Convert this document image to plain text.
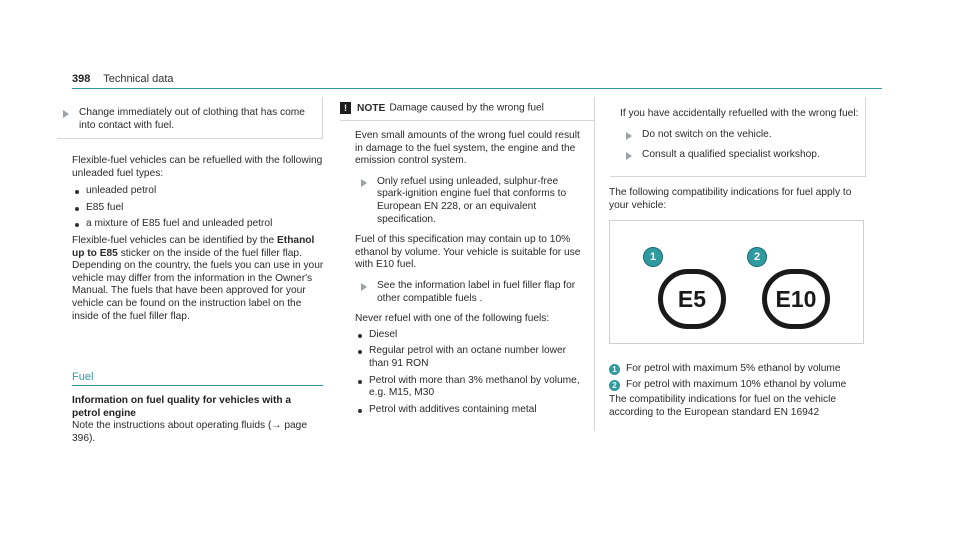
398 Technical data

Change immediately out of clothing that has come into contact with fuel.

Flexible-fuel vehicles can be refuelled with the following unleaded fuel types:

unleaded petrol

E85 fuel

a mixture of E85 fuel and unleaded petrol

Flexible-fuel vehicles can be identified by the Ethanol up to E85 sticker on the inside of the fuel filler flap.

Depending on the country, the fuels you can use in your vehicle may differ from the information in the Owner's Manual. The fuels that have been approved for your vehicle can be found on the instruction label on the inside of the fuel filler flap.

Fuel

Information on fuel quality for vehicles with a petrol engine

Note the instructions about operating fluids (→ page 396).

! NOTE Damage caused by the wrong fuel

Even small amounts of the wrong fuel could result in damage to the fuel system, the engine and the emission control system.

Only refuel using unleaded, sulphur-free spark-ignition engine fuel that conforms to European EN 228, or an equivalent specification.

Fuel of this specification may contain up to 10% ethanol by volume. Your vehicle is suitable for use with E10 fuel.

See the information label in fuel filler flap for other compatible fuels .

Never refuel with one of the following fuels:

Diesel

Regular petrol with an octane number lower than 91 RON

Petrol with more than 3% methanol by volume, e.g. M15, M30

Petrol with additives containing metal

If you have accidentally refuelled with the wrong fuel:

Do not switch on the vehicle.

Consult a qualified specialist workshop.

The following compatibility indications for fuel apply to your vehicle:
1	2
E5	E10
1 For petrol with maximum 5% ethanol by volume
2 For petrol with maximum 10% ethanol by volume

The compatibility indications for fuel on the vehicle according to the European standard EN 16942
